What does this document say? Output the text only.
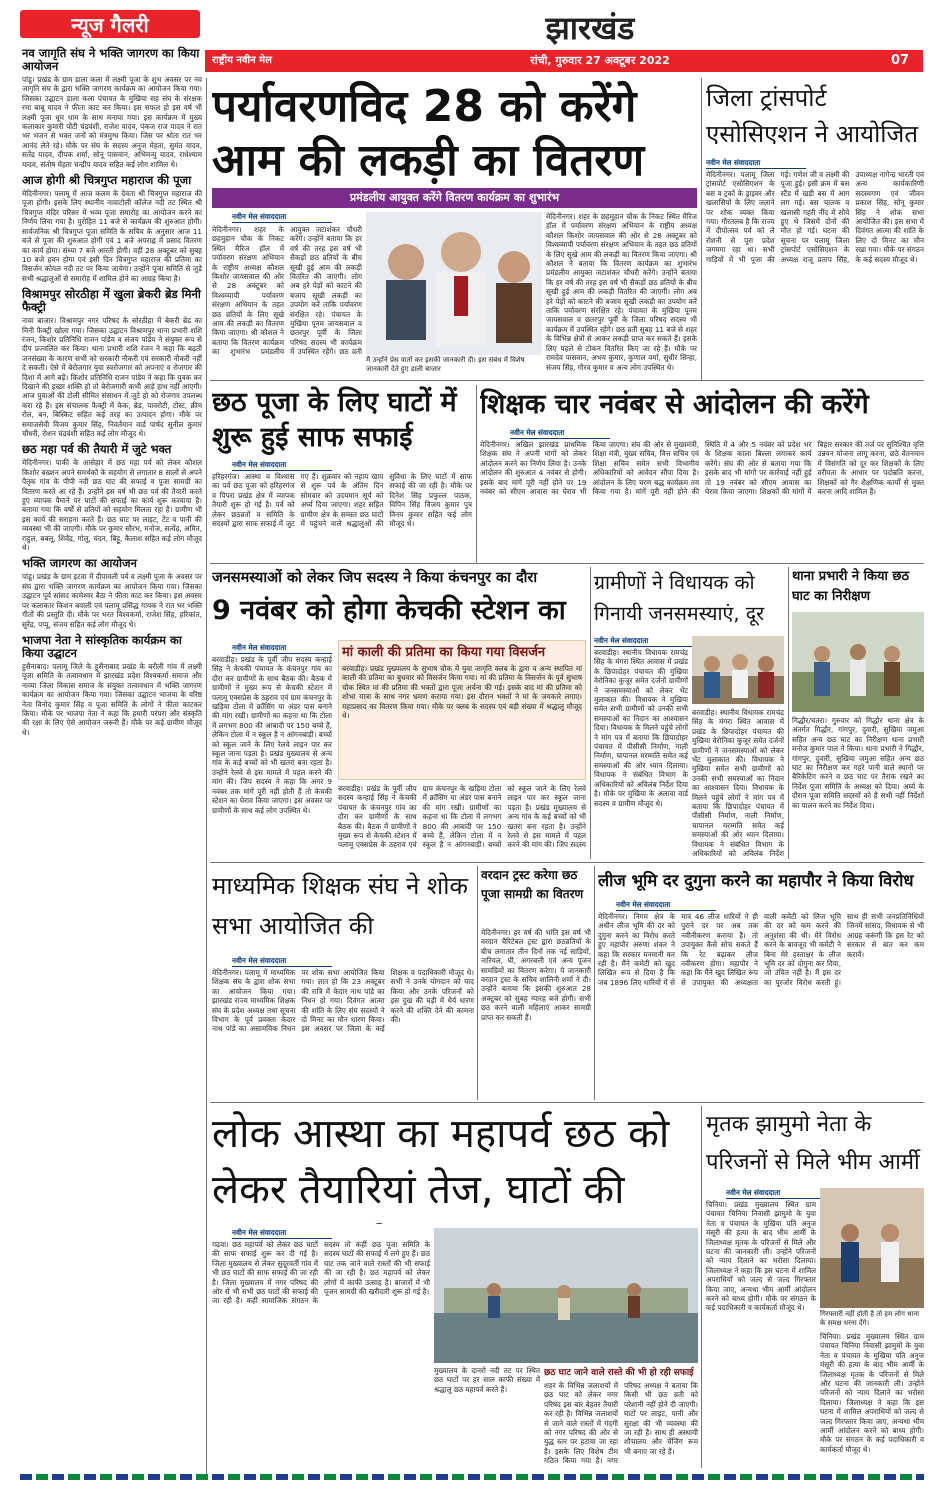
न्यूज गैलरी	झारखंड
राष्ट्रीय नवीन मेल	रांची, गुरुवार 27 अक्टूबर 2022	07
नव जागृति संघ ने भक्ति जागरण का किया आयोजन
पांडू। प्रखंड के ग्राम डाला कला में लक्ष्मी पूजा के शुभ अवसर पर नव जागृति संघ के द्वारा भक्ति जागरण कार्यक्रम का आयोजन किया गया। जिसका उद्घाटन डाला कला पंचायत के मुखिया सह संघ के संरक्षक रमा बाबू यादव ने फीता काट कर किया। इस सफल हो इस वर्ष भी लक्ष्मी पूजा धूम धाम के साथ मनाया गया। इस कार्यक्रम में मुख्य कलाकार कुमारी पोंटी चंद्रवंशी, राजेश यादव, पंकज राज यादव ने रात भर भजन से भक्त जनों को मंत्रमुग्ध किया। जिस पर श्रोता रात भर आनंद लेते रहे। मौके पर संघ के सदस्य अनुज मेहता, सुमंत यादव, सतेंद्र यादव, दीपक शर्मा, सोनू पासवान, अभिमन्यु यादव, राधेश्याम यादव, संतोष मेहता चन्द्रीप यादव सहित कई लोग शामिल थे।
आज होगी श्री चित्रगुप्त महाराज की पूजा
मेदिनीनगर। पलामू में आज कलम के देवता श्री चित्रगुप्त महाराज की पूजा होगी। इसके लिए स्थानीय नावाटोली कॉलेज नदी तट स्थित श्री चित्रगुप्त मंदिर परिसर में भव्य पूजा समारोह का आयोजन करने का निर्णय लिया गया है। पुरोहित 11 बजे से कार्यक्रम की शुरुआत होगी। सार्वजनिक श्री चित्रगुप्त पूजा समिति के सचिव के अनुसार आज 11 बजे से पूजा की शुरुआत होगी एवं 1 बजे अपराह्न में प्रसाद वितरण का कार्य होगा। संध्या 7 बजे आरती होगी। वहीं 28 अक्टूबर को सुबह 10 बजे हवन होगा एवं इसी दिन चित्रगुप्त महाराज की प्रतिमा का विसर्जन कोयल नदी तट पर किया जायेगा। उन्होंने पूजा समिति से जुड़े सभी श्रद्धालुओं से समारोह में शामिल होने का आग्रह किया है।
विश्रामपुर सोरठीहा में खुला ब्रेकरी ब्रेड मिनी फैक्ट्री
नावा बाजार। विश्रामपुर नगर परिषद के सोरठीहा में बेकरी ब्रेड का मिनी फैक्ट्री खोला गया। जिसका उद्घाटन विश्रामपुर थाना प्रभारी शशि रंजन, किशोर प्रतिनिधि राजन पांडेय व संजय पांडेय ने संयुक्त रूप से दीप प्रज्वलित कर किया। थाना प्रभारी शशि रंजन ने कहा कि बढ़ती जनसंख्या के कारण सभी को सरकारी नौकरी एवं सरकारी नौकरी नहीं दे सकती। ऐसे में बेरोजगार युवा स्वरोजगार को अपनाएं व रोजगार की दिशा में आगे बढ़ें। किशोर प्रतिनिधि राजन पांडेय ने कहा कि युवक कर दिखाने की इच्छा शक्ति हो तो बेरोजगारी कभी आड़े हाथ नहीं आएगी। आज युवाओं की टोली सीमित संसाधन में जुटे हो को रोजगार उपलब्ध करा रहे हैं। इस संचालक फैक्ट्री में केक, ब्रेड, पावरोटी, टोस्ट, क्रीम रोल, बन, बिस्किट सहित कई तरह का उत्पादन होगा। मौके पर समाजसेवी विजय कुमार सिंह, निवर्तमान वार्ड पार्षद सुनील कुमार चौधरी, रोशन चंद्रवंशी सहित कई लोग मौजूद थे।
छठ महा पर्व की तैयारी में जुटे भक्त
मेदिनीनगर। पाकी के आसेहार में छठ महा पर्व को लेकर कौशल किशोर बख्शन अपने समर्थकों के सहयोग से लगातार 8 सालों से अपने पैतृक गांव के पीपी नदी छठ घाट की सफाई व पूजा सामग्री का वितरण करते आ रहे हैं। उन्होंने इस वर्ष भी छठ पर्व की तैयारी करते हुए व्यापक पैमाने पर घाटों की सफाई का कार्य शुरू करवाया है। बताया गया कि वर्षों से व्रतियों को सहयोग मिलता रहा है। ग्रामीण भी इस कार्य की सराहना करते हैं। छठ घाट पर लाइट, टेंट व पानी की व्यवस्था भी की जाएगी। मौके पर कुमार सौरभ, मनोज, सत्येंद्र, अमित, राहुल, बबलू, शिवेंद्र, गोलू, चंदन, बिट्टू, कैलाश सहित कई लोग मौजूद थे।
भक्ति जागरण का आयोजन
पांडू। प्रखंड के ग्राम इटवा में दीपावली पर्व व लक्ष्मी पूजा के अवसर पर संघ द्वारा भक्ति जागरण कार्यक्रम का आयोजन किया गया। जिसका उद्घाटन पूर्व सांसद कामेश्वर बैठा ने फीता काट कर किया। इस अवसर पर कलाकार किशन बवाली एवं पलामू प्रसिद्ध गायक ने रात भर भक्ति गीतों की प्रस्तुति दी। मौके पर भरत विश्वकर्मा, राजेश सिंह, हरिकांत, सुरेंद्र, पप्पू, संजय सहित कई लोग मौजूद थे।
भाजपा नेता ने सांस्कृतिक कार्यक्रम का किया उद्घाटन
हुसैनाबाद। पलामू जिले के हुसैनाबाद प्रखंड के बरौली गांव में लक्ष्मी पूजा समिति के तत्वावधान में झारखंड प्रदेश विश्वकर्मा समाज और नाव्या जिला विकास समाज के संयुक्त तत्वावधान में भक्ति जागरण कार्यक्रम का आयोजन किया गया। जिसका उद्घाटन भाजपा के वरिष्ठ नेता विनोद कुमार सिंह व पूजा समिति के लोगों ने फीता काटकर किया। मौके पर भाजपा नेता ने कहा कि हमारी परंपरा और संस्कृति की रक्षा के लिए ऐसे आयोजन जरूरी हैं। मौके पर कई ग्रामीण मौजूद थे।
पर्यावरणविद 28 को करेंगे आम की लकड़ी का वितरण
प्रमंडलीय आयुक्त करेंगे वितरण कार्यक्रम का शुभारंभ
नवीन मेल संवाददाता
मेदिनीनगर। शहर के छहमुहान चौक के निकट स्थित मैरिज हॉल में पर्यावरण संरक्षण अभियान के राष्ट्रीय अध्यक्ष कौशल किशोर जायसवाल की ओर से 28 अक्टूबर को विश्वव्यापी पर्यावरण संरक्षण अभियान के तहत छठ व्रतियों के लिए सूखे आम की लकड़ी का वितरण किया जाएगा। श्री कौशल ने बताया कि वितरण कार्यक्रम का शुभारंभ प्रमंडलीय आयुक्त जटाशंकर चौधरी करेंगे। उन्होंने बताया कि हर वर्ष की तरह इस वर्ष भी सैकड़ों छठ व्रतियों के बीच सूखी हुई आम की लकड़ी वितरित की जाएगी। लोग अब हरे पेड़ों को काटने की बजाय सूखी लकड़ी का उपयोग करें ताकि पर्यावरण संरक्षित रहे। पंचायत के मुखिया पूनम जायसवाल व छतरपुर पूर्वी के जिला परिषद सदस्य भी कार्यक्रम में उपस्थित रहेंगे। छठ व्रती
मैं उन्होंने प्रेस वार्ता कर इसकी जानकारी दी। इस संबंध में विशेष जानकारी देते हुए डाली बाजार
मेदिनीनगर। शहर के छहमुहान चौक के निकट स्थित मैरिज हॉल में पर्यावरण संरक्षण अभियान के राष्ट्रीय अध्यक्ष कौशल किशोर जायसवाल की ओर से 28 अक्टूबर को विश्वव्यापी पर्यावरण संरक्षण अभियान के तहत छठ व्रतियों के लिए सूखे आम की लकड़ी का वितरण किया जाएगा। श्री कौशल ने बताया कि वितरण कार्यक्रम का शुभारंभ प्रमंडलीय आयुक्त जटाशंकर चौधरी करेंगे। उन्होंने बताया कि हर वर्ष की तरह इस वर्ष भी सैकड़ों छठ व्रतियों के बीच सूखी हुई आम की लकड़ी वितरित की जाएगी। लोग अब हरे पेड़ों को काटने की बजाय सूखी लकड़ी का उपयोग करें ताकि पर्यावरण संरक्षित रहे। पंचायत के मुखिया पूनम जायसवाल व छतरपुर पूर्वी के जिला परिषद सदस्य भी कार्यक्रम में उपस्थित रहेंगे। छठ व्रती सुबह 11 बजे से शहर के विभिन्न क्षेत्रों से आकर लकड़ी प्राप्त कर सकते हैं। इसके लिए पहले से टोकन वितरित किए जा रहे हैं। मौके पर रामदेव पासवान, अभय कुमार, कुणाल वर्मा, सुधीर सिन्हा, संजय सिंह, गौरव कुमार व अन्य लोग उपस्थित थे।
जिला ट्रांसपोर्ट एसोसिएशन ने आयोजित
नवीन मेल संवाददाता
मेदिनीनगर। पलामू जिला ट्रांसपोर्ट एसोसिएशन के बस व ट्रकों के ड्राइवर और खलासियों के लिए जलाने पर शोक व्यक्त किया गया। गौरतलब है कि राज्य में दीपोत्सव पर्व को ले रोशनी से पूरा प्रदेश जगमगा रहा था। सभी गाड़ियों में भी पूजा की गई। गणेश जी व लक्ष्मी की पूजा हुई। इसी क्रम में बस स्टैंड में खड़ी बस में आग लग गई। बस चालक व खलासी गहरी नींद में सोये हुए थे जिसमें दोनों की मौत हो गई। घटना की सूचना पर पलामू जिला ट्रांसपोर्ट एसोसिएशन के अध्यक्ष राजू प्रताप सिंह, उपाध्यक्ष नागेन्द्र भारती एवं अन्य कार्यकारिणी सदस्यगण एवं जीवन प्रकाश सिंह, सोनू कुमार सिंह ने शोक सभा आयोजित की। इस सभा में दिवंगत आत्मा की शांति के लिए दो मिनट का मौन रखा गया। मौके पर संगठन के कई सदस्य मौजूद थे।
छठ पूजा के लिए घाटों में शुरू हुई साफ सफाई
नवीन मेल संवाददाता
हरिहरगंज। आस्था व विश्वास का पर्व छठ पूजा को हरिहरगंज व पिपरा प्रखंड क्षेत्र में व्यापक तैयारी शुरू हो गई है। पर्व को लेकर छठव्रतों व समिति के सदस्यों द्वारा साफ सफाई में जुट गए हैं। शुक्रवार को नहाय खाय से शुरू पर्व के अंतिम दिन सोमवार को उदयमान सूर्य को अर्घ्य दिया जाएगा। शहर सहित ग्रामीण क्षेत्र के समस्त छठ घाटों में पहुंचने वाले श्रद्धालुओं की सुविधा के लिए घाटों में साफ सफाई की जा रही है। मौके पर दिनेश सिंह प्रफुल्ल पाठक, विपिन सिंह विजय कुमार पुत्र विनय कुमार सहित कई लोग मौजूद थे।
शिक्षक चार नवंबर से आंदोलन की करेंगे
नवीन मेल संवाददाता
मेदिनीनगर। अखिल झारखंड प्राथमिक शिक्षक संघ ने अपनी मांगों को लेकर आंदोलन करने का निर्णय लिया है। उनके आंदोलन की शुरुआत 4 नवंबर से होगी। इसके बाद मांगें पूरी नहीं होने पर 19 नवंबर को सीएम आवास का घेराव भी किया जाएगा। संघ की ओर से मुख्यमंत्री, शिक्षा मंत्री, मुख्य सचिव, वित्त सचिव एवं शिक्षा सचिव समेत सभी विभागीय अधिकारियों को आवेदन सौंपा दिया है। आंदोलन के लिए चरण बद्ध कार्यक्रम तय किया गया है। मांगें पूरी नहीं होने की स्थिति में 4 और 5 नवंबर को प्रदेश भर के शिक्षक काला बिल्ला लगाकर कार्य करेंगे। संघ की ओर से बताया गया कि इसके बाद भी मांगों पर कार्रवाई नहीं हुई तो 19 नवंबर को सीएम आवास का घेराव किया जाएगा। शिक्षकों की मांगों में बिहार सरकार की तर्ज पर सुनिश्चित वृत्ति उन्नयन योजना लागू करना, छठे वेतनमान में विसंगति को दूर कर शिक्षकों के लिए वरीयता के आधार पर पदोन्नति करना, शिक्षकों को गैर शैक्षणिक कार्यों से मुक्त करना आदि शामिल हैं।
जनसमस्याओं को लेकर जिप सदस्य ने किया कंचनपुर का दौरा
9 नवंबर को होगा केचकी स्टेशन का
नवीन मेल संवाददाता
बरवाडीह। प्रखंड के पूर्वी जीप सदस्य कन्हाई सिंह ने केचकी पंचायत के कंचनपुर गांव का दौरा कर ग्रामीणों के साथ बैठक की। बैठक में ग्रामीणों ने मुख्य रूप से केचकी स्टेशन में पलामू एक्सप्रेस के ठहराव एवं ग्राम कंचनपुर के खड़िया टोला में क्रॉसिंग या अंडर पास बनाने की मांग रखी। ग्रामीणों का कहना था कि टोला में लगभग 800 की आबादी पर 150 बच्चे हैं, लेकिन टोला में न स्कूल है न आंगनबाड़ी। बच्चों को स्कूल जाने के लिए रेलवे लाइन पार कर स्कूल जाना पड़ता है। प्रखंड मुख्यालय से अन्य गांव के कई बच्चों को भी खतरा बना रहता है। उन्होंने रेलवे से इस मामले में पहल करने की मांग की। जिप सदस्य ने कहा कि अगर 9 नवंबर तक मांगें पूरी नहीं होती हैं तो केचकी स्टेशन का घेराव किया जाएगा। इस अवसर पर ग्रामीणों के साथ कई लोग उपस्थित थे।
मां काली की प्रतिमा का किया गया विसर्जन
बरवाडीह। प्रखंड मुख्यालय के सुभाष चौक में युवा जागृति क्लब के द्वारा व अन्य स्थापित मां काली की प्रतिमा का बुधवार को विसर्जन किया गया। मां की प्रतिमा के विसर्जन के पूर्व सुभाष चौक स्थित मां की प्रतिमा की भक्तों द्वारा पूजा अर्चना की गई। इसके बाद मां की प्रतिमा को शोभा यात्रा के साथ नगर भ्रमण कराया गया। इस दौरान भक्तों ने मां के जयकारे लगाए। महाप्रसाद का वितरण किया गया। मौके पर क्लब के सदस्य एवं बड़ी संख्या में श्रद्धालु मौजूद थे।
बरवाडीह। प्रखंड के पूर्वी जीप सदस्य कन्हाई सिंह ने केचकी पंचायत के कंचनपुर गांव का दौरा कर ग्रामीणों के साथ बैठक की। बैठक में ग्रामीणों ने मुख्य रूप से केचकी स्टेशन में पलामू एक्सप्रेस के ठहराव एवं ग्राम कंचनपुर के खड़िया टोला में क्रॉसिंग या अंडर पास बनाने की मांग रखी। ग्रामीणों का कहना था कि टोला में लगभग 800 की आबादी पर 150 बच्चे हैं, लेकिन टोला में न स्कूल है न आंगनबाड़ी। बच्चों को स्कूल जाने के लिए रेलवे लाइन पार कर स्कूल जाना पड़ता है। प्रखंड मुख्यालय से अन्य गांव के कई बच्चों को भी खतरा बना रहता है। उन्होंने रेलवे से इस मामले में पहल करने की मांग की। जिप सदस्य
ग्रामीणों ने विधायक को गिनायी जनसमस्याएं, दूर
नवीन मेल संवाददाता
बरवाडीह। स्थानीय विधायक रामचंद्र सिंह के मंगरा स्थित आवास में प्रखंड के छिपादोहर पंचायत की मुखिया वेरोनिका कुजूर समेत दर्जनों ग्रामीणों ने जनसमस्याओं को लेकर भेंट मुलाकात की। विधायक ने मुखिया समेत सभी ग्रामीणों को उनकी सभी समस्याओं का निदान का आश्वासन दिया। विधायक के मिलने पहुंचे लोगों ने मांग पत्र में बताया कि छिपादोहर पंचायत में पीसीसी निर्माण, नाली निर्माण, चापानल मरम्मति समेत कई समस्याओं की ओर ध्यान दिलाया। विधायक ने संबंधित विभाग के अधिकारियों को अविलंब निर्देश दिया है। मौके पर मुखिया के अलावा वार्ड सदस्य व ग्रामीण मौजूद थे।
बरवाडीह। स्थानीय विधायक रामचंद्र सिंह के मंगरा स्थित आवास में प्रखंड के छिपादोहर पंचायत की मुखिया वेरोनिका कुजूर समेत दर्जनों ग्रामीणों ने जनसमस्याओं को लेकर भेंट मुलाकात की। विधायक ने मुखिया समेत सभी ग्रामीणों को उनकी सभी समस्याओं का निदान का आश्वासन दिया। विधायक के मिलने पहुंचे लोगों ने मांग पत्र में बताया कि छिपादोहर पंचायत में पीसीसी निर्माण, नाली निर्माण, चापानल मरम्मति समेत कई समस्याओं की ओर ध्यान दिलाया। विधायक ने संबंधित विभाग के अधिकारियों को अविलंब निर्देश
थाना प्रभारी ने किया छठ घाट का निरीक्षण
गिद्धौर/चतरा। गुरुवार को गिद्धौर थाना क्षेत्र के अंतर्गत गिद्धौर, गांगपुर, दुवारी, सुखिया जमुआ सहित अन्य छठ घाट का निरीक्षण थाना प्रभारी मनोज कुमार पाल ने किया। थाना प्रभारी ने गिद्धौर, गांगपुर, दुवारी, सुखिया जमुआ सहित अन्य छठ घाट का निरीक्षण कर गहरे पानी वाले स्थानों पर बैरिकेटिंग करने व छठ घाट पर तैराक रखने का निर्देश पूजा समिति के अध्यक्ष को दिया। अर्घ्य के दौरान पूजा समिति सदस्यों को हैं सभी नहीं निर्देशों का पालन करने का निर्देश दिया।
माध्यमिक शिक्षक संघ ने शोक सभा आयोजित की
नवीन मेल संवाददाता
मेदिनीनगर। पलामू में माध्यमिक शिक्षक संघ के द्वारा शोक सभा का आयोजन किया गया। झारखंड राज्य माध्यमिक शिक्षक संघ के प्रदेश अध्यक्ष तथा सूचना विभाग के पूर्व प्रवक्ता केदार नाथ पांडे का असामयिक निधन पर शोक सभा आयोजित किया गया। ज्ञात हो कि 23 अक्टूबर की रात्रि में केदार नाथ पांडे का निधन हो गया। दिवंगत आत्मा की शांति के लिए संघ सदस्यों ने दो मिनट का मौन धारण किया। इस अवसर पर जिला के कई शिक्षक व पदाधिकारी मौजूद थे। सभी ने उनके योगदान को याद किया और उनके परिजनों को इस दुख की घड़ी में धैर्य धारण करने की शक्ति देने की कामना की।
वरदान ट्रस्ट करेगा छठ पूजा सामग्री का वितरण
मेदिनीनगर। हर वर्ष की भांति इस वर्ष भी वरदान चैरिटेबल ट्रस्ट द्वारा छठव्रतियों के बीच लगातार तीन दिनों तक नई साड़ियों, नारियल, घी, अगरबत्ती एवं अन्य पूजन सामग्रियों का वितरण करेगा। ये जानकारी वरदान ट्रस्ट के सचिव शालिनी शर्मा ने दी। उन्होंने बताया कि इसकी शुरुआत 28 अक्टूबर को सुबह ग्यारह बजे होगी। सभी छठ करने वाली महिलाएं आकर सामग्री प्राप्त कर सकती हैं।
लीज भूमि दर दुगुना करने का महापौर ने किया विरोध
नवीन मेल संवाददाता
मेदिनीनगर। निगम क्षेत्र के अधीन लीज भूमि की दर को दुगुना करने का विरोध करते हुए महापौर अरुणा शंकर ने कहा कि सरकार मनमानी कर रही है। मैंने कमेटी को खुद लिखित रूप से दिया है कि जब 1896 लिए धारियों में से मात्र 46 लीज धारियों ने ही पुराने दर पर अब तक नवीनीकरण कराया है। तो उपायुक्त कैसे सोच सकते हैं कि रेट बढ़ाकर लीज नवीकरण होगा। महापौर ने कहा कि मैंने खुद लिखित रूप से उपायुक्त की अध्यक्षता वाली कमेटी को लिज भूमि की दर को कम करने की अनुशंसा की थी। मेरे विरोध करने के बावजूद भी कमेटी ने बिना मेरे हस्ताक्षर के लीज भूमि दर को दोगुना कर दिया, जो उचित नहीं है। मैं इस दर का पूरजोर विरोध करती हूं। साथ ही सभी जनप्रतिनिधियों जिनमें सांसद, विधायक से भी आग्रह करूंगी कि इस रेट को सरकार से बात कर कम करावें।
लोक आस्था का महापर्व छठ को लेकर तैयारियां तेज, घाटों की
नवीन मेल संवाददाता
गढ़वा। छठ महापर्व को लेकर छठ घाटों की साफ सफाई शुरू कर दी गई है। जिला मुख्यालय से लेकर सुदूरवर्ती गांव में भी छठ घाटों की साफ सफाई की जा रही है। जिला मुख्यालय में नगर परिषद की ओर से भी सभी छठ घाटों की सफाई की जा रही है। कहीं सामाजिक संगठन के सदस्य तो कहीं छठ पूजा समिति के सदस्य घाटों की सफाई में लगे हुए हैं। छठ घाट तक जाने वाले रास्तों की भी सफाई की जा रही है। छठ महापर्व को लेकर लोगों में काफी उत्साह है। बाजारों में भी पूजन सामग्री की खरीदारी शुरू हो गई है।
मुख्यालय के दानरो नदी तट पर स्थित छठ घाटों पर हर साल काफी संख्या में श्रद्धालु छठ महापर्व करते हैं।
छठ घाट जाने वाले रास्ते की भी हो रही सफाई
शहर के विभिन्न जलाशयों में छठ घाट को लेकर नगर परिषद इस बार बेहतर तैयारी कर रही है। विभिन्न जलाशयों से जाने वाले रास्तों में गंदगी को नगर परिषद की ओर से युद्ध स्तर पर हटाया जा रहा है। इसके लिए विशेष टीम गठित किया गया है। नगर परिषद अध्यक्ष ने बताया कि किसी भी छठ व्रती को परेशानी नहीं होने दी जाएगी। घाटों पर लाइट, पानी और सुरक्षा की भी व्यवस्था की जा रही है। साथ ही अस्थायी शौचालय और चेंजिंग रूम भी बनाए जा रहे हैं।
मृतक झामुमो नेता के परिजनों से मिले भीम आर्मी
नवीन मेल संवाददाता
चिनिया। प्रखंड मुख्यालय स्थित ग्राम पंचायत चिनिया निवासी झामुमो के युवा नेता व पंचायत के मुखिया पति अनुज मंसूरी की हत्या के बाद भीम आर्मी के जिलाध्यक्ष मृतक के परिजनों से मिले और घटना की जानकारी ली। उन्होंने परिजनों को न्याय दिलाने का भरोसा दिलाया। जिलाध्यक्ष ने कहा कि इस घटना में शामिल अपराधियों को जल्द से जल्द गिरफ्तार किया जाए, अन्यथा भीम आर्मी आंदोलन करने को बाध्य होगी। मौके पर संगठन के कई पदाधिकारी व कार्यकर्ता मौजूद थे।
गिरफ्तारी नहीं होती है तो हम लोग थाना के समक्ष धरना देंगे।
चिनिया। प्रखंड मुख्यालय स्थित ग्राम पंचायत चिनिया निवासी झामुमो के युवा नेता व पंचायत के मुखिया पति अनुज मंसूरी की हत्या के बाद भीम आर्मी के जिलाध्यक्ष मृतक के परिजनों से मिले और घटना की जानकारी ली। उन्होंने परिजनों को न्याय दिलाने का भरोसा दिलाया। जिलाध्यक्ष ने कहा कि इस घटना में शामिल अपराधियों को जल्द से जल्द गिरफ्तार किया जाए, अन्यथा भीम आर्मी आंदोलन करने को बाध्य होगी। मौके पर संगठन के कई पदाधिकारी व कार्यकर्ता मौजूद थे।
